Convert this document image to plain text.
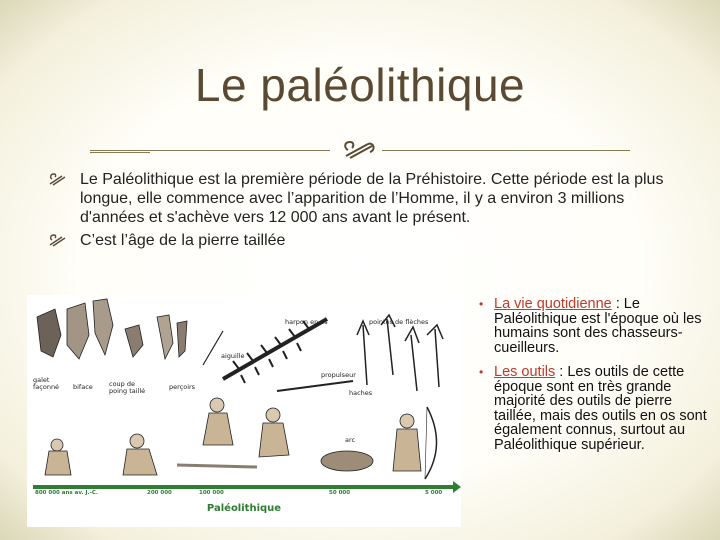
Le paléolithique
Le Paléolithique est la première période de la Préhistoire. Cette période est la plus longue, elle commence avec l’apparition de l’Homme, il y a environ 3 millions d'années et s'achève vers 12 000 ans avant le présent.
C’est l’âge de la pierre taillée
harpon en os	pointes de flèches
aiguille
propulseur
haches
arc
galet façonné	biface coup de poing taillé	perçoirs
800 000 ans av. J.-C.	200 000	100 000	50 000	5 000
Paléolithique
• La vie quotidienne : Le Paléolithique est l'époque où les humains sont des chasseurs-cueilleurs.
• Les outils : Les outils de cette époque sont en très grande majorité des outils de pierre taillée, mais des outils en os sont également connus, surtout au Paléolithique supérieur.
